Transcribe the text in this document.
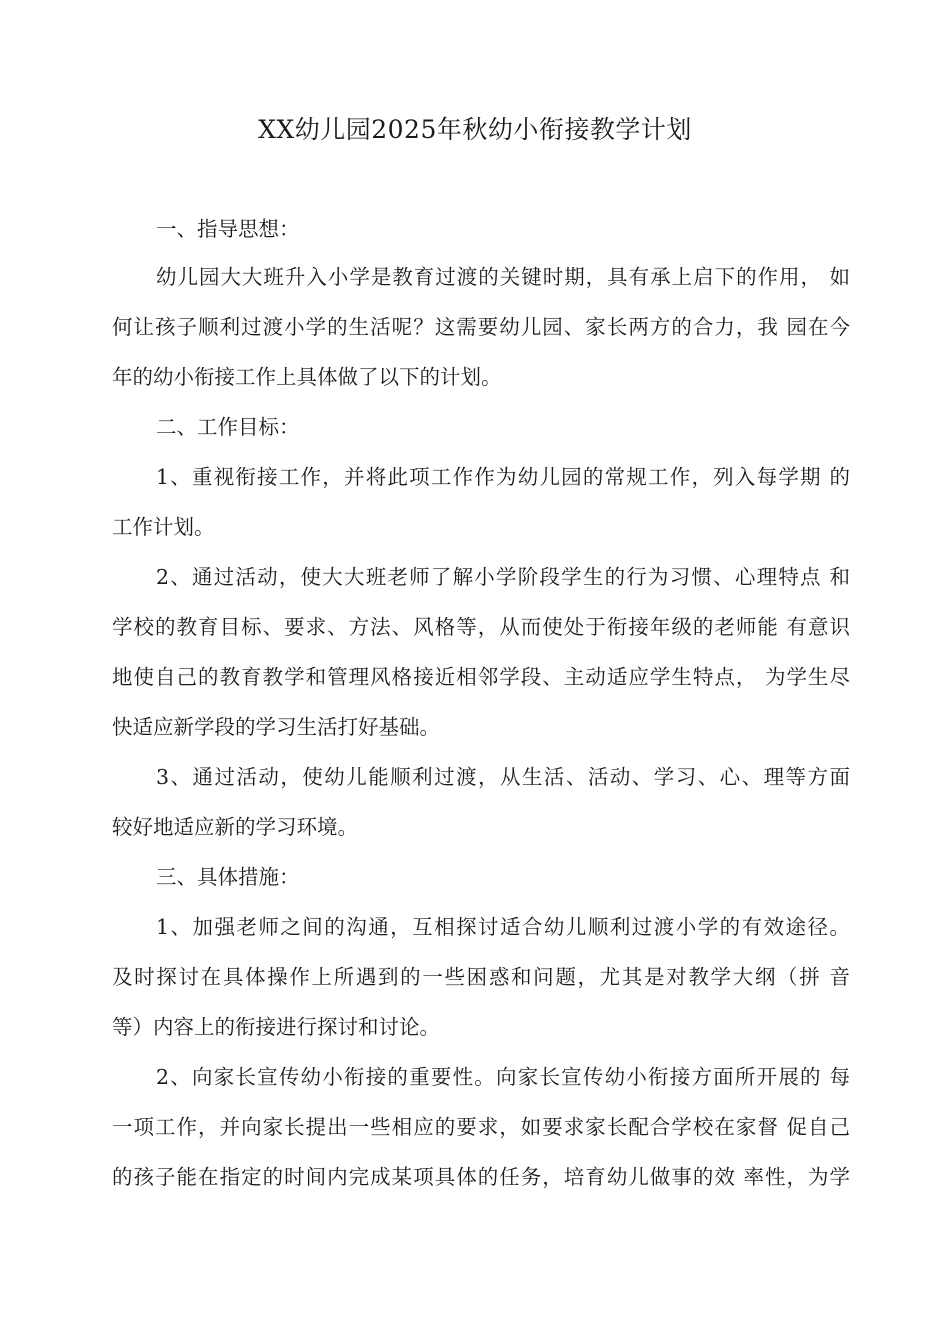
XX幼儿园2025年秋幼小衔接教学计划
一、指导思想：
幼儿园大大班升入小学是教育过渡的关键时期，具有承上启下的作用， 如
何让孩子顺利过渡小学的生活呢？这需要幼儿园、家长两方的合力，我 园在今
年的幼小衔接工作上具体做了以下的计划。
二、工作目标：
1、重视衔接工作，并将此项工作作为幼儿园的常规工作，列入每学期 的
工作计划。
2、通过活动，使大大班老师了解小学阶段学生的行为习惯、心理特点 和
学校的教育目标、要求、方法、风格等，从而使处于衔接年级的老师能 有意识
地使自己的教育教学和管理风格接近相邻学段、主动适应学生特点， 为学生尽
快适应新学段的学习生活打好基础。
3、通过活动，使幼儿能顺利过渡，从生活、活动、学习、心、理等方面
较好地适应新的学习环境。
三、具体措施：
1、加强老师之间的沟通，互相探讨适合幼儿顺利过渡小学的有效途径。
及时探讨在具体操作上所遇到的一些困惑和问题，尤其是对教学大纲（拼 音
等）内容上的衔接进行探讨和讨论。
2、向家长宣传幼小衔接的重要性。向家长宣传幼小衔接方面所开展的 每
一项工作，并向家长提出一些相应的要求，如要求家长配合学校在家督 促自己
的孩子能在指定的时间内完成某项具体的任务，培育幼儿做事的效 率性，为学
